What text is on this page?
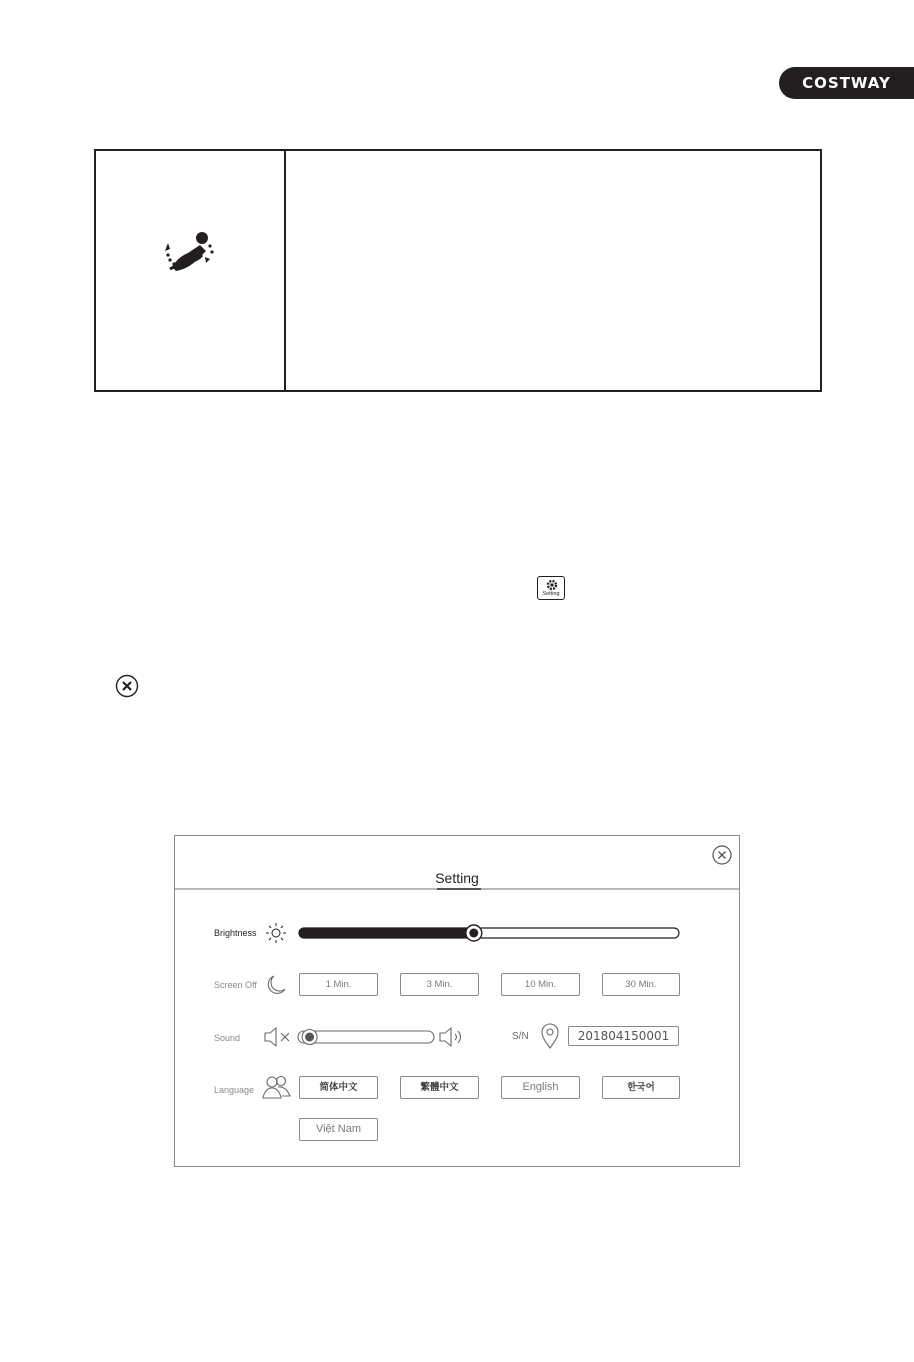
COSTWAY
Setting
Setting
Brightness
Screen Off	1 Min.	3 Min.	10 Min.	30 Min.
Sound	S/N	201804150001
Language	简体中文	繁體中文	English	한국어
Việt Nam
